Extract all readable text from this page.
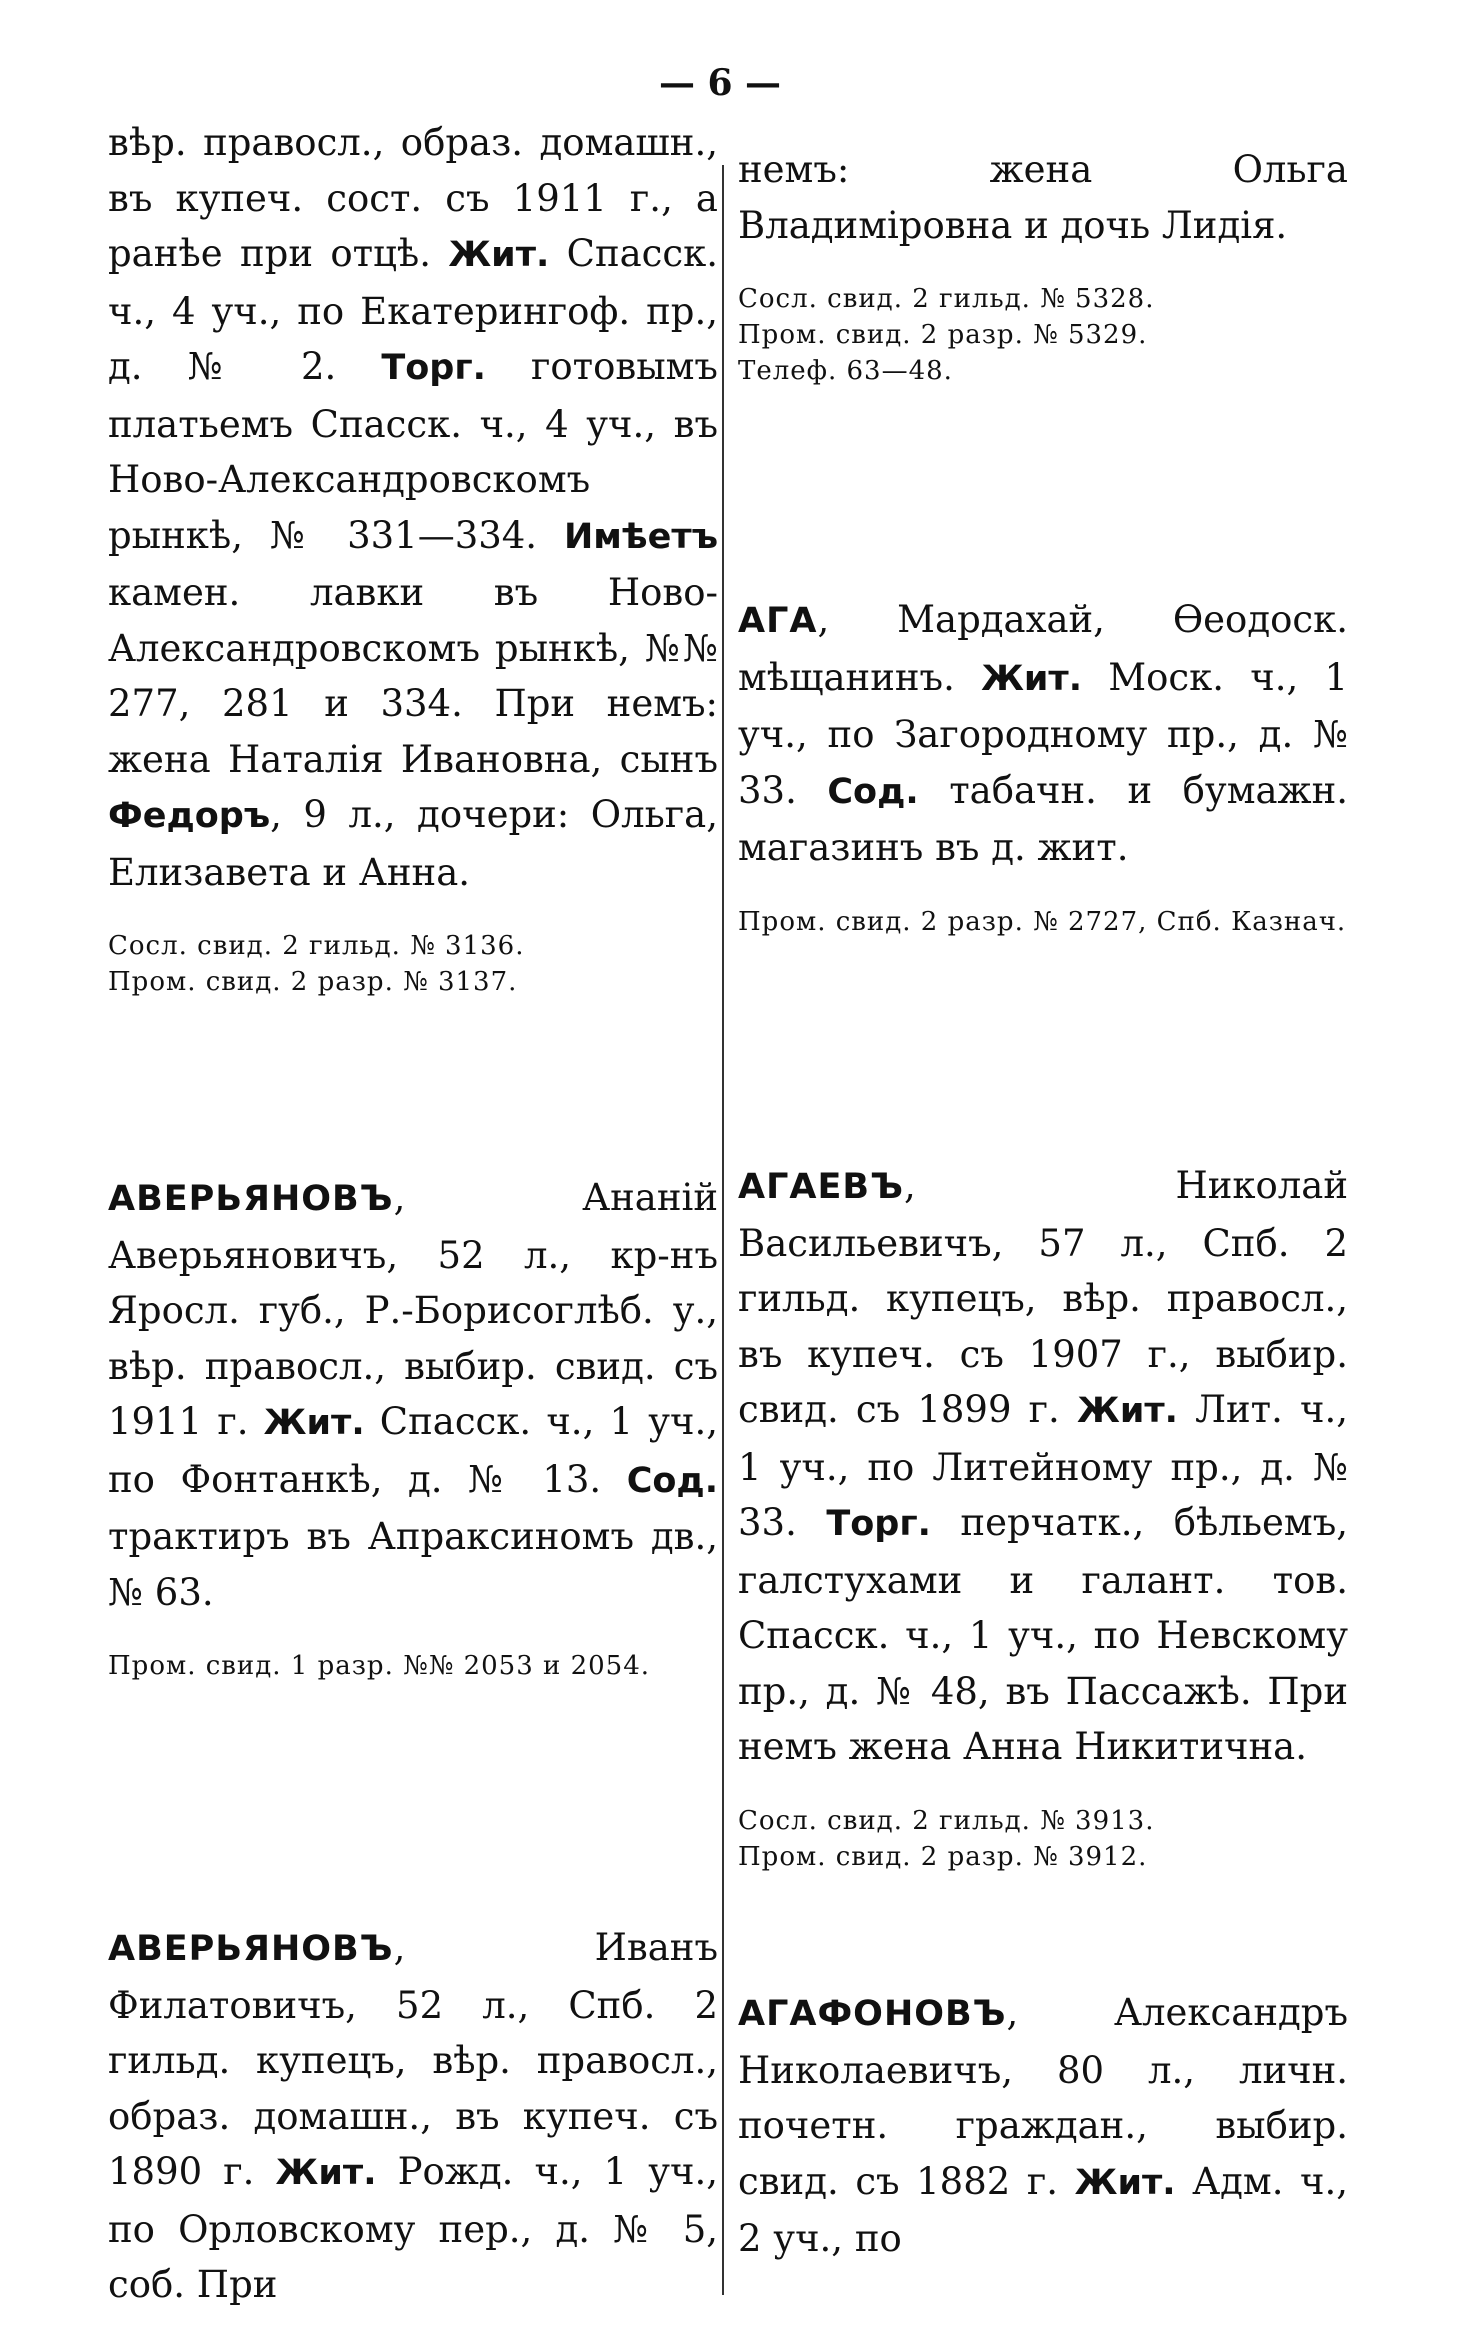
— 6 —

вѣр. правосл., образ. домашн., въ купеч. сост. съ 1911 г., а ранѣе при отцѣ. Жит. Спасск. ч., 4 уч., по Екатерингоф. пр., д. № 2. Торг. готовымъ платьемъ Спасск. ч., 4 уч., въ Ново-Александровскомъ рынкѣ, № 331—334. Имѣетъ камен. лавки въ Ново-Александровскомъ рынкѣ, №№ 277, 281 и 334. При немъ: жена Наталія Ивановна, сынъ Федоръ, 9 л., дочери: Ольга, Елизавета и Анна.

Сосл. свид. 2 гильд. № 3136.

Пром. свид. 2 разр. № 3137.

АВЕРЬЯНОВЪ, Ананій Аверьяновичъ, 52 л., кр-нъ Яросл. губ., Р.-Борисоглѣб. у., вѣр. правосл., выбир. свид. съ 1911 г. Жит. Спасск. ч., 1 уч., по Фонтанкѣ, д. № 13. Сод. трактиръ въ Апраксиномъ дв., № 63.

Пром. свид. 1 разр. №№ 2053 и 2054.

АВЕРЬЯНОВЪ, Иванъ Филатовичъ, 52 л., Спб. 2 гильд. купецъ, вѣр. правосл., образ. домашн., въ купеч. съ 1890 г. Жит. Рожд. ч., 1 уч., по Орловскому пер., д. № 5, соб. При

немъ: жена Ольга Владиміровна и дочь Лидія.

Сосл. свид. 2 гильд. № 5328.

Пром. свид. 2 разр. № 5329.

Телеф. 63—48.

АГА, Мардахай, Ѳеодоск. мѣщанинъ. Жит. Моск. ч., 1 уч., по Загородному пр., д. № 33. Сод. табачн. и бумажн. магазинъ въ д. жит.

Пром. свид. 2 разр. № 2727, Спб. Казнач.

АГАЕВЪ, Николай Васильевичъ, 57 л., Спб. 2 гильд. купецъ, вѣр. правосл., въ купеч. съ 1907 г., выбир. свид. съ 1899 г. Жит. Лит. ч., 1 уч., по Литейному пр., д. № 33. Торг. перчатк., бѣльемъ, галстухами и галант. тов. Спасск. ч., 1 уч., по Невскому пр., д. № 48, въ Пассажѣ. При немъ жена Анна Никитична.

Сосл. свид. 2 гильд. № 3913.

Пром. свид. 2 разр. № 3912.

АГАФОНОВЪ, Александръ Николаевичъ, 80 л., личн. почетн. граждан., выбир. свид. съ 1882 г. Жит. Адм. ч., 2 уч., по
